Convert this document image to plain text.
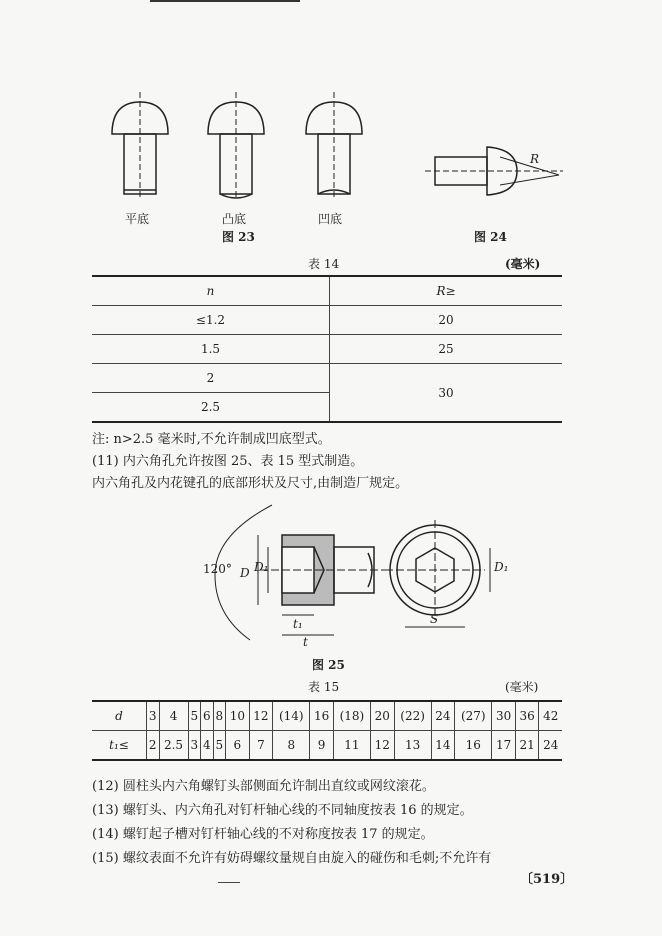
平底	凸底	凹底
图 23
R
图 24
表 14	(毫米)
n	R≥
≤1.2	20
1.5	25
2	30
2.5	
注: n>2.5 毫米时,不允许制成凹底型式。
(11) 内六角孔允许按图 25、表 15 型式制造。
内六角孔及内花键孔的底部形状及尺寸,由制造厂规定。
120° D D₁
t₁
t
S
D₁
图 25
表 15	(毫米)
d	3	4	5	6	8	10	12	(14)	16	(18)	20	(22)	24	(27)	30	36	42
t₁≤	2	2.5	3	4	5	6	7	8	9	11	12	13	14	16	17	21	24
(12) 圆柱头内六角螺钉头部侧面允许制出直纹或网纹滚花。
(13) 螺钉头、内六角孔对钉杆轴心线的不同轴度按表 16 的规定。
(14) 螺钉起子槽对钉杆轴心线的不对称度按表 17 的规定。
(15) 螺纹表面不允许有妨碍螺纹量规自由旋入的碰伤和毛刺;不允许有
〔519〕
